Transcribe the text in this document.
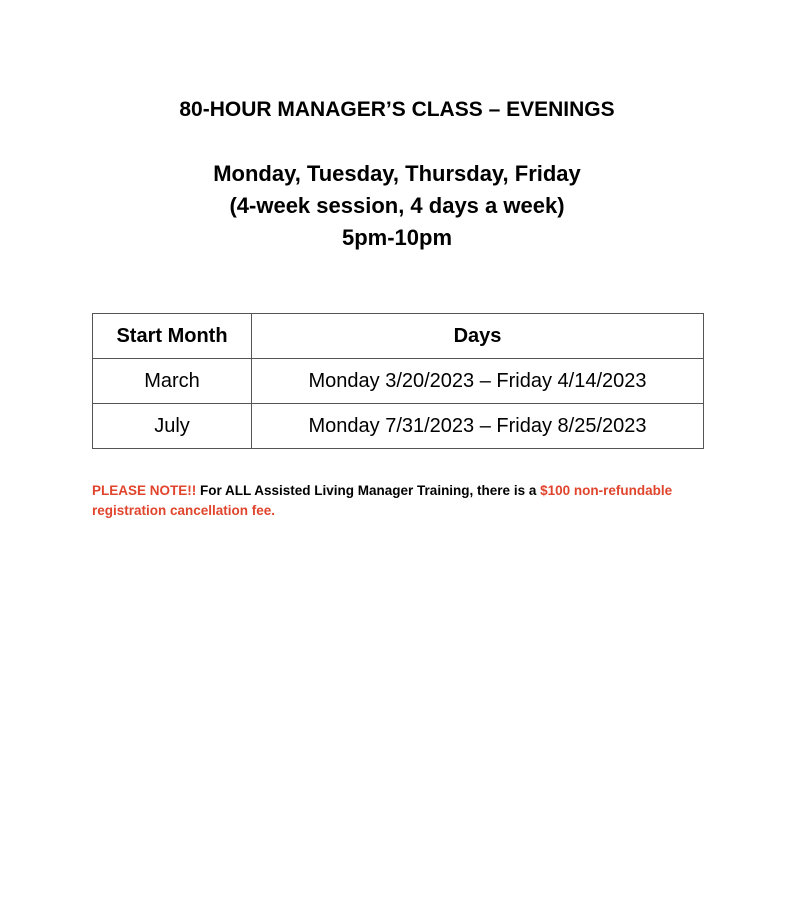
80-HOUR MANAGER’S CLASS – EVENINGS
Monday, Tuesday, Thursday, Friday
(4-week session, 4 days a week)
5pm-10pm
Start Month	Days
March	Monday 3/20/2023 – Friday 4/14/2023
July	Monday 7/31/2023 – Friday 8/25/2023
PLEASE NOTE!! For ALL Assisted Living Manager Training, there is a $100 non-refundable registration cancellation fee.
